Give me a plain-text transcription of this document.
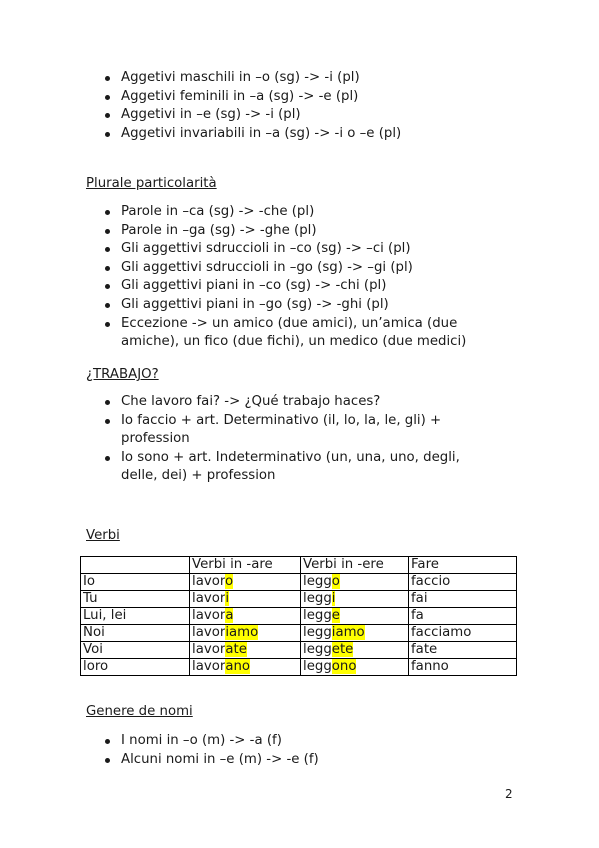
Aggetivi maschili in –o (sg) -> -i (pl)
Aggetivi feminili in –a (sg) -> -e (pl)
Aggetivi in –e (sg) -> -i (pl)
Aggetivi invariabili in –a (sg) -> -i o –e (pl)
Plurale particolarità
Parole in –ca (sg) -> -che (pl)
Parole in –ga (sg) -> -ghe (pl)
Gli aggettivi sdruccioli in –co (sg) -> –ci (pl)
Gli aggettivi sdruccioli in –go (sg) -> –gi (pl)
Gli aggettivi piani in –co (sg) -> -chi (pl)
Gli aggettivi piani in –go (sg) -> -ghi (pl)
Eccezione -> un amico (due amici), un’amica (due amiche), un fico (due fichi), un medico (due medici)
¿TRABAJO?
Che lavoro fai? -> ¿Qué trabajo haces?
Io faccio + art. Determinativo (il, lo, la, le, gli) + profession
Io sono + art. Indeterminativo (un, una, uno, degli, delle, dei) + profession
Verbi
	Verbi in -are	Verbi in -ere	Fare
Io	lavoro	leggo	faccio
Tu	lavori	leggi	fai
Lui, lei	lavora	legge	fa
Noi	lavoriamo	leggiamo	facciamo
Voi	lavorate	leggete	fate
loro	lavorano	leggono	fanno
Genere de nomi
I nomi in –o (m) -> -a (f)
Alcuni nomi in –e (m) -> -e (f)
2
